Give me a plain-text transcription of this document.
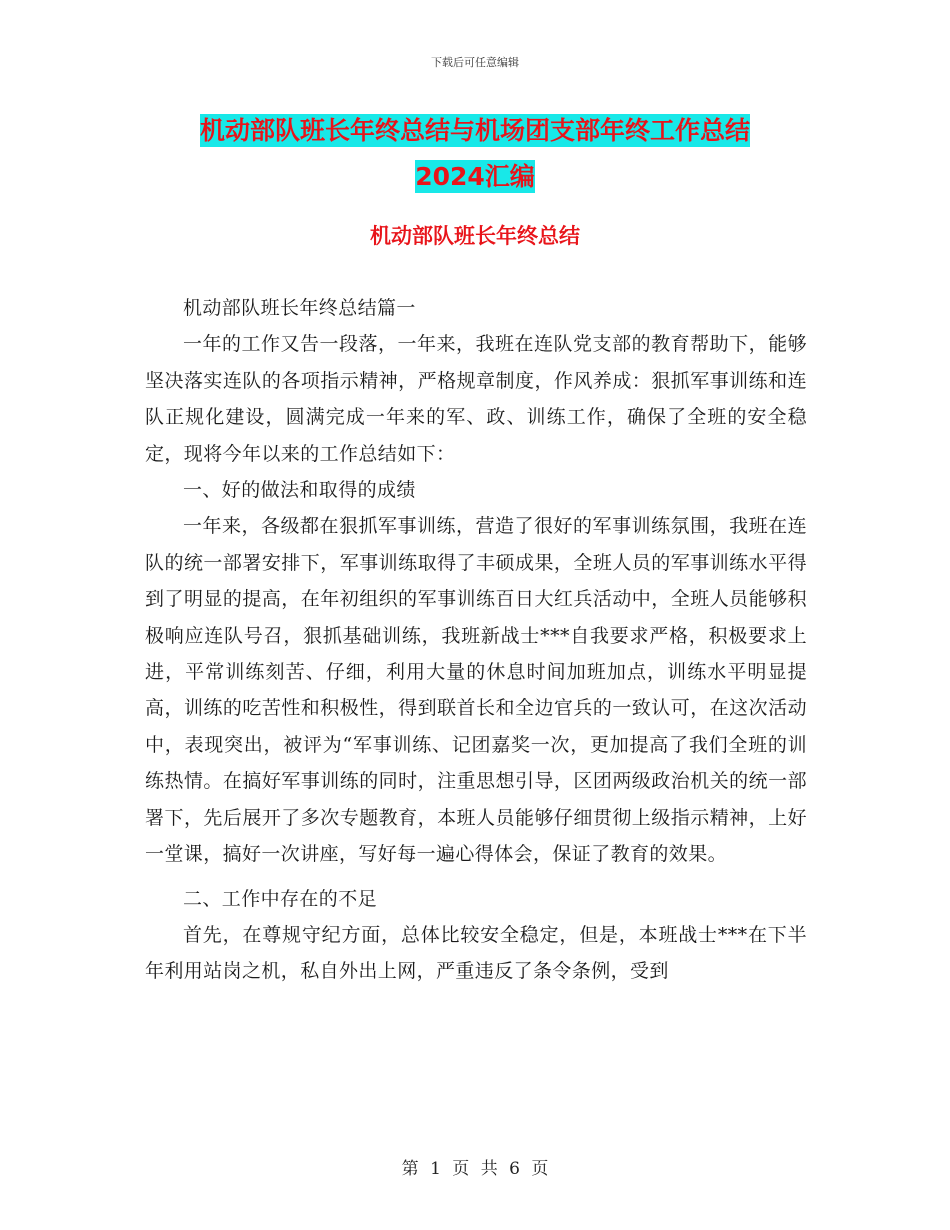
下载后可任意编辑
机动部队班长年终总结与机场团支部年终工作总结
2024汇编
机动部队班长年终总结

机动部队班长年终总结篇一

一年的工作又告一段落，一年来，我班在连队党支部的教育帮助下，能够坚决落实连队的各项指示精神，严格规章制度，作风养成：狠抓军事训练和连队正规化建设，圆满完成一年来的军、政、训练工作，确保了全班的安全稳定，现将今年以来的工作总结如下：

一、好的做法和取得的成绩

一年来，各级都在狠抓军事训练，营造了很好的军事训练氛围，我班在连队的统一部署安排下，军事训练取得了丰硕成果，全班人员的军事训练水平得到了明显的提高，在年初组织的军事训练百日大红兵活动中，全班人员能够积极响应连队号召，狠抓基础训练，我班新战士***自我要求严格，积极要求上进，平常训练刻苦、仔细，利用大量的休息时间加班加点，训练水平明显提高，训练的吃苦性和积极性，得到联首长和全边官兵的一致认可，在这次活动中，表现突出，被评为“军事训练、记团嘉奖一次，更加提高了我们全班的训练热情。在搞好军事训练的同时，注重思想引导，区团两级政治机关的统一部署下，先后展开了多次专题教育，本班人员能够仔细贯彻上级指示精神，上好一堂课，搞好一次讲座，写好每一遍心得体会，保证了教育的效果。

二、工作中存在的不足

首先，在尊规守纪方面，总体比较安全稳定，但是，本班战士***在下半年利用站岗之机，私自外出上网，严重违反了条令条例，受到

第 1 页 共 6 页
